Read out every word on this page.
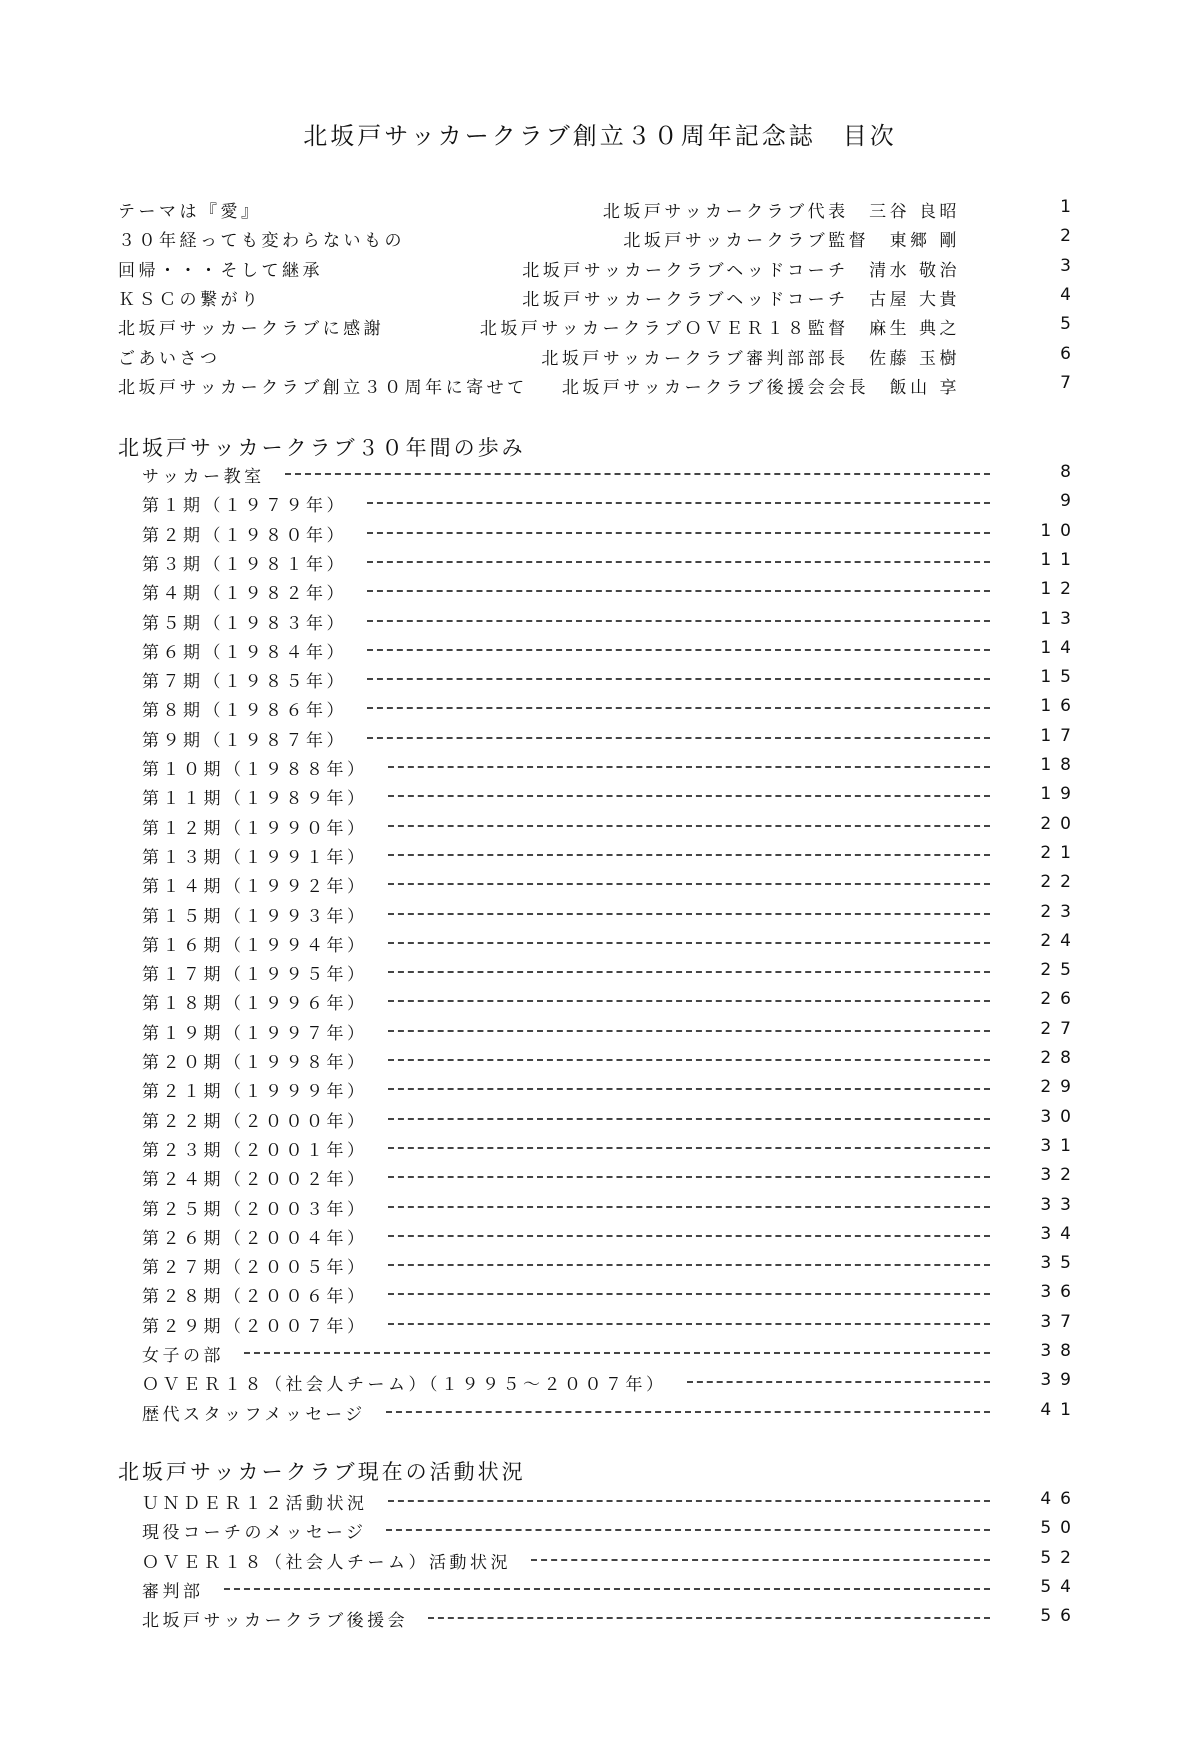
北坂戸サッカークラブ創立３０周年記念誌　目次
テーマは『愛』	北坂戸サッカークラブ代表　三谷 良昭	1
３０年経っても変わらないもの	北坂戸サッカークラブ監督　東郷 剛	2
回帰・・・そして継承	北坂戸サッカークラブヘッドコーチ　清水 敬治	3
ＫＳＣの繋がり	北坂戸サッカークラブヘッドコーチ　古屋 大貴	4
北坂戸サッカークラブに感謝	北坂戸サッカークラブＯＶＥＲ１８監督　麻生 典之	5
ごあいさつ	北坂戸サッカークラブ審判部部長　佐藤 玉樹	6
北坂戸サッカークラブ創立３０周年に寄せて 北坂戸サッカークラブ後援会会長　飯山 享	7
北坂戸サッカークラブ３０年間の歩み
サッカー教室	8
第１期（１９７９年）	9
第２期（１９８０年）	10
第３期（１９８１年）	11
第４期（１９８２年）	12
第５期（１９８３年）	13
第６期（１９８４年）	14
第７期（１９８５年）	15
第８期（１９８６年）	16
第９期（１９８７年）	17
第１０期（１９８８年）	18
第１１期（１９８９年）	19
第１２期（１９９０年）	20
第１３期（１９９１年）	21
第１４期（１９９２年）	22
第１５期（１９９３年）	23
第１６期（１９９４年）	24
第１７期（１９９５年）	25
第１８期（１９９６年）	26
第１９期（１９９７年）	27
第２０期（１９９８年）	28
第２１期（１９９９年）	29
第２２期（２０００年）	30
第２３期（２００１年）	31
第２４期（２００２年）	32
第２５期（２００３年）	33
第２６期（２００４年）	34
第２７期（２００５年）	35
第２８期（２００６年）	36
第２９期（２００７年）	37
女子の部	38
ＯＶＥＲ１８（社会人チーム）（１９９５～２００７年）	39
歴代スタッフメッセージ	41
北坂戸サッカークラブ現在の活動状況
ＵＮＤＥＲ１２活動状況	46
現役コーチのメッセージ	50
ＯＶＥＲ１８（社会人チーム）活動状況	52
審判部	54
北坂戸サッカークラブ後援会	56
